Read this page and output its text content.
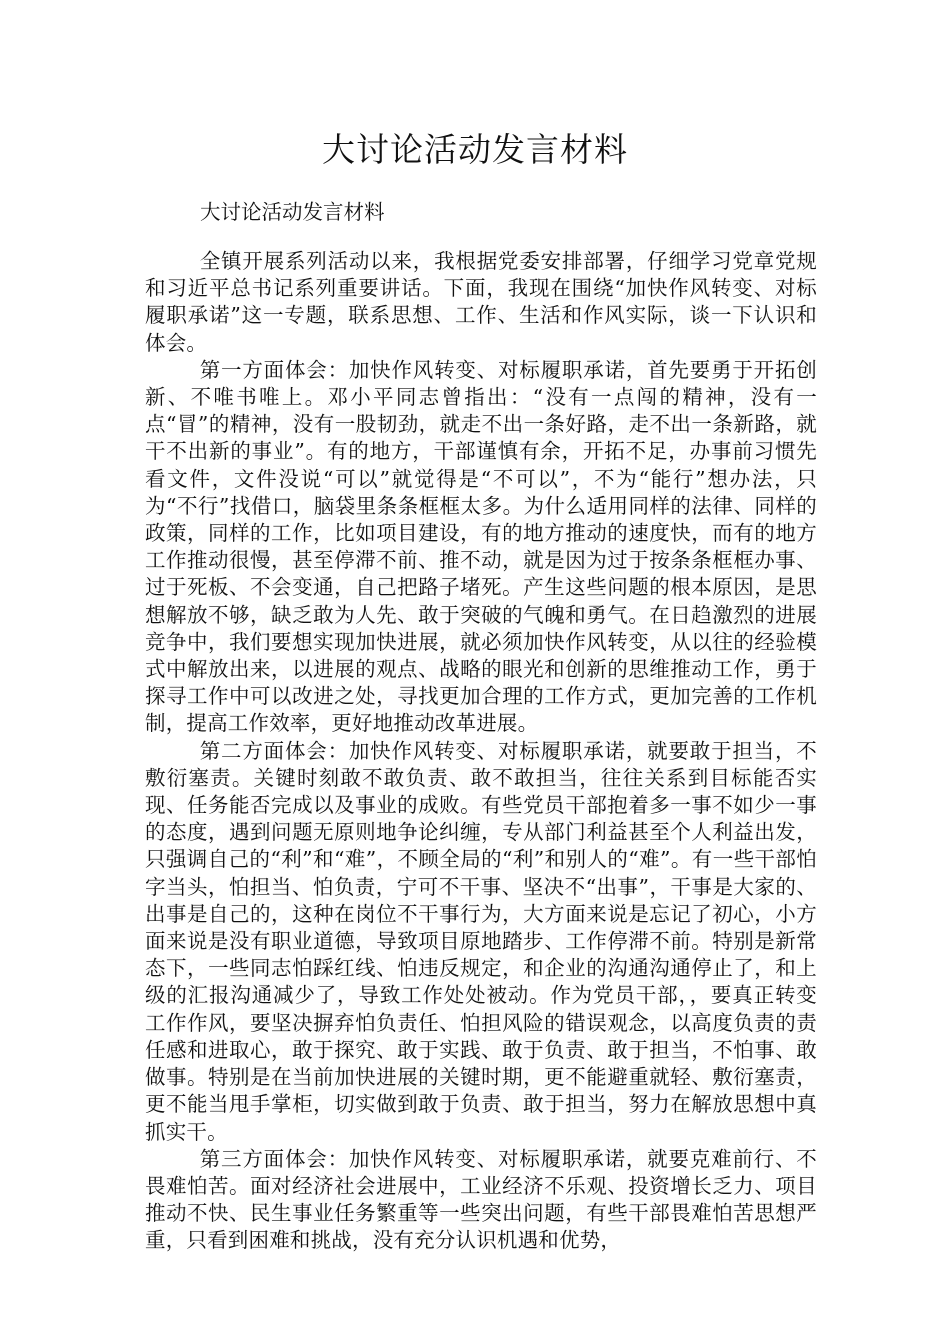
大讨论活动发言材料

大讨论活动发言材料

全镇开展系列活动以来，我根据党委安排部署，仔细学习党章党规和习近平总书记系列重要讲话。下面，我现在围绕“加快作风转变、对标履职承诺”这一专题，联系思想、工作、生活和作风实际，谈一下认识和体会。

第一方面体会：加快作风转变、对标履职承诺，首先要勇于开拓创新、不唯书唯上。邓小平同志曾指出：“没有一点闯的精神，没有一点“冒”的精神，没有一股韧劲，就走不出一条好路，走不出一条新路，就干不出新的事业”。有的地方，干部谨慎有余，开拓不足，办事前习惯先看文件，文件没说“可以”就觉得是“不可以”，不为“能行”想办法，只为“不行”找借口，脑袋里条条框框太多。为什么适用同样的法律、同样的政策，同样的工作，比如项目建设，有的地方推动的速度快，而有的地方工作推动很慢，甚至停滞不前、推不动，就是因为过于按条条框框办事、过于死板、不会变通，自己把路子堵死。产生这些问题的根本原因，是思想解放不够，缺乏敢为人先、敢于突破的气魄和勇气。在日趋激烈的进展竞争中，我们要想实现加快进展，就必须加快作风转变，从以往的经验模式中解放出来，以进展的观点、战略的眼光和创新的思维推动工作，勇于探寻工作中可以改进之处，寻找更加合理的工作方式，更加完善的工作机制，提高工作效率，更好地推动改革进展。

第二方面体会：加快作风转变、对标履职承诺，就要敢于担当，不敷衍塞责。关键时刻敢不敢负责、敢不敢担当，往往关系到目标能否实现、任务能否完成以及事业的成败。有些党员干部抱着多一事不如少一事的态度，遇到问题无原则地争论纠缠，专从部门利益甚至个人利益出发，只强调自己的“利”和“难”，不顾全局的“利”和别人的“难”。有一些干部怕字当头，怕担当、怕负责，宁可不干事、坚决不“出事”，干事是大家的、出事是自己的，这种在岗位不干事行为，大方面来说是忘记了初心，小方面来说是没有职业道德，导致项目原地踏步、工作停滞不前。特别是新常态下，一些同志怕踩红线、怕违反规定，和企业的沟通沟通停止了，和上级的汇报沟通减少了，导致工作处处被动。作为党员干部，，要真正转变工作作风，要坚决摒弃怕负责任、怕担风险的错误观念，以高度负责的责任感和进取心，敢于探究、敢于实践、敢于负责、敢于担当，不怕事、敢做事。特别是在当前加快进展的关键时期，更不能避重就轻、敷衍塞责，更不能当甩手掌柜，切实做到敢于负责、敢于担当，努力在解放思想中真抓实干。

第三方面体会：加快作风转变、对标履职承诺，就要克难前行、不畏难怕苦。面对经济社会进展中，工业经济不乐观、投资增长乏力、项目推动不快、民生事业任务繁重等一些突出问题，有些干部畏难怕苦思想严重，只看到困难和挑战，没有充分认识机遇和优势，
